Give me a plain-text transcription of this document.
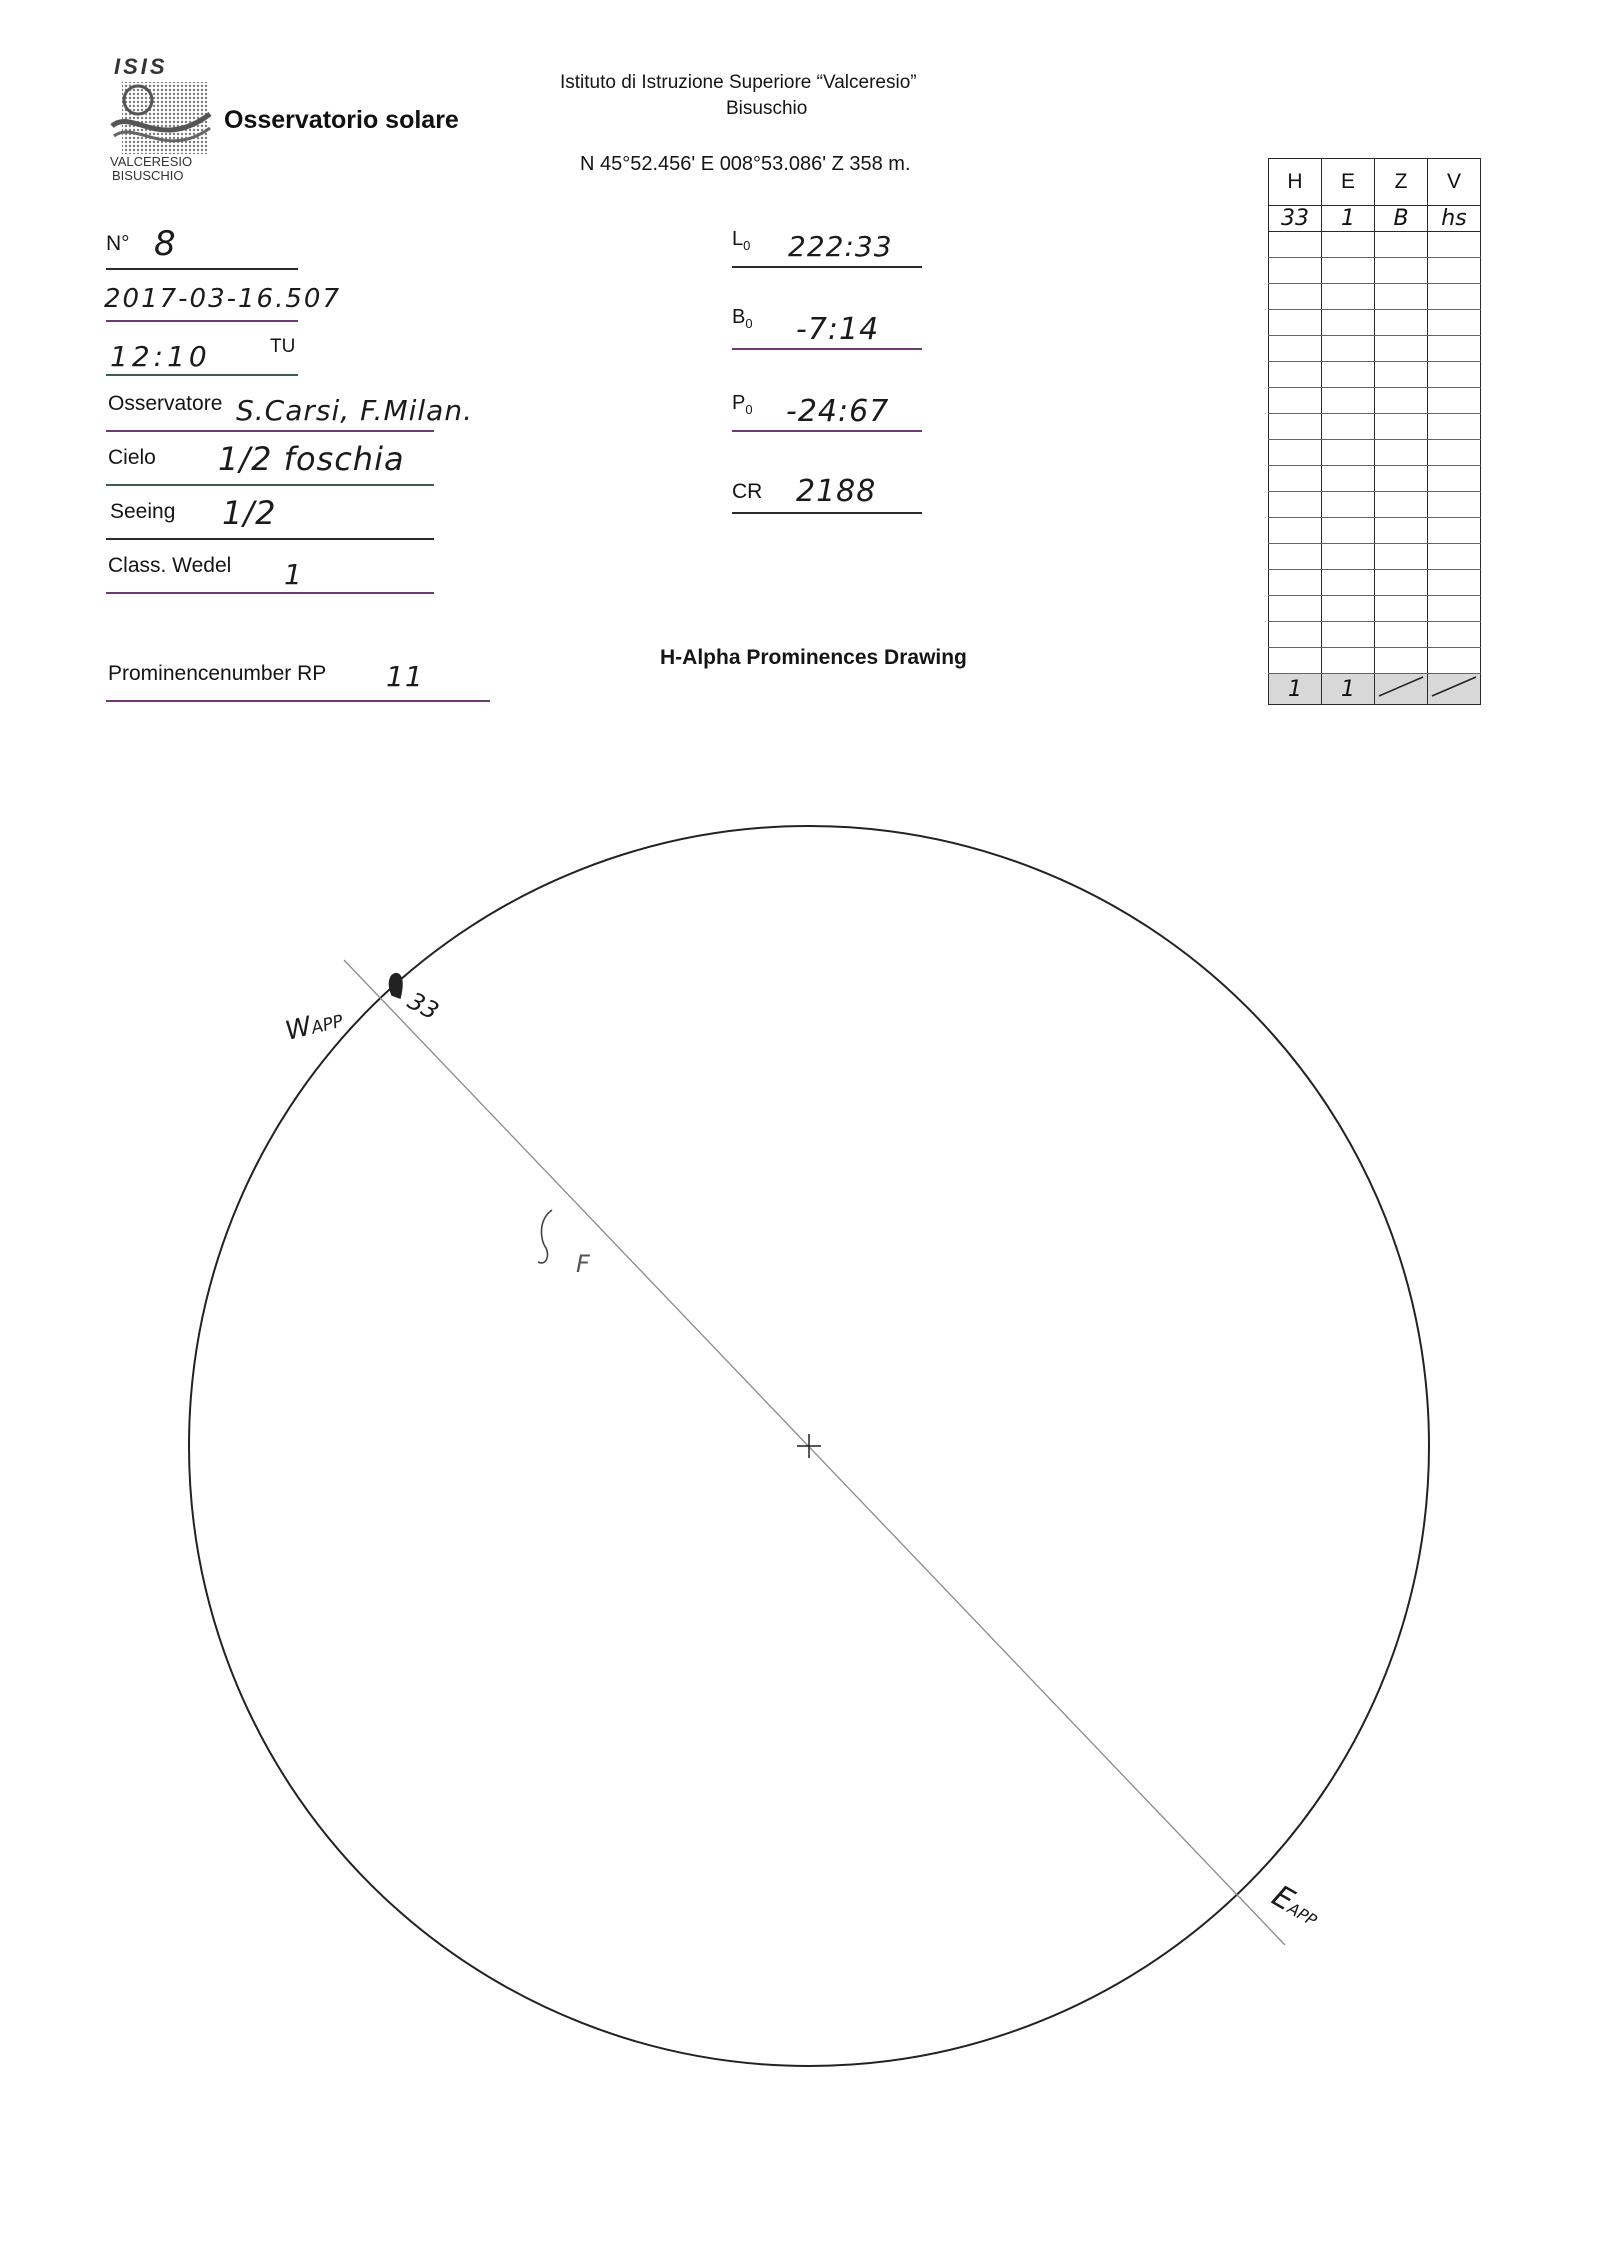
ISIS
VALCERESIO
BISUSCHIO
Osservatorio solare
Istituto di Istruzione Superiore “Valceresio”
Bisuschio
N 45°52.456' E 008°53.086' Z 358 m.
N° 8
2017-03-16.507
12:10	TU
Osservatore S.Carsi, F.Milan.
Cielo 1/2 foschia
Seeing 1/2
Class. Wedel 1
Prominencenumber RP 11
$L_0$ 222:33
$B_0$ -7:14
$P_0$ -24:67
CR 2188
H-Alpha Prominences Drawing
H	E	Z	V
33	1	B	hs

1	1		
WAPP 33
EAPP
F
